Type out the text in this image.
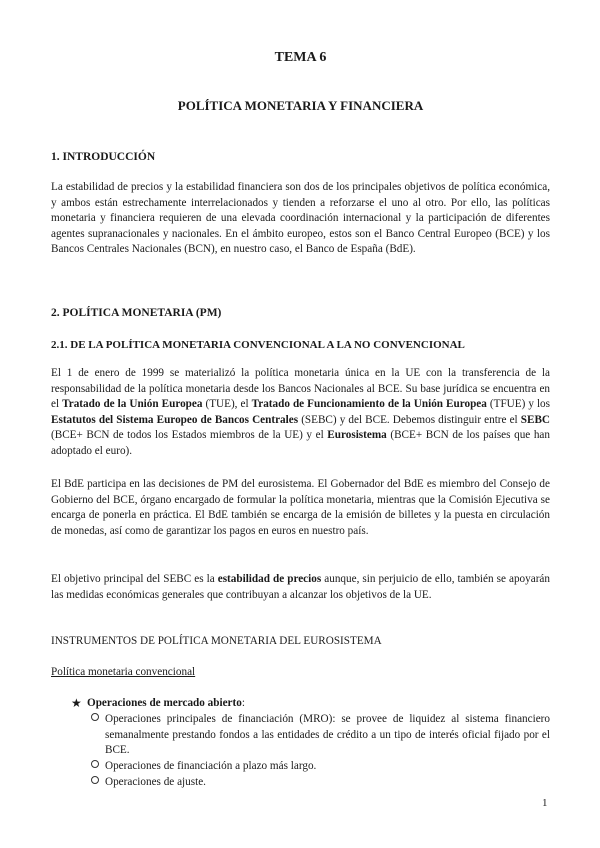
TEMA 6
POLÍTICA MONETARIA Y FINANCIERA
1. INTRODUCCIÓN

La estabilidad de precios y la estabilidad financiera son dos de los principales objetivos de política económica, y ambos están estrechamente interrelacionados y tienden a reforzarse el uno al otro. Por ello, las políticas monetaria y financiera requieren de una elevada coordinación internacional y la participación de diferentes agentes supranacionales y nacionales. En el ámbito europeo, estos son el Banco Central Europeo (BCE) y los Bancos Centrales Nacionales (BCN), en nuestro caso, el Banco de España (BdE).

2. POLÍTICA MONETARIA (PM)
2.1. DE LA POLÍTICA MONETARIA CONVENCIONAL A LA NO CONVENCIONAL

El 1 de enero de 1999 se materializó la política monetaria única en la UE con la transferencia de la responsabilidad de la política monetaria desde los Bancos Nacionales al BCE. Su base jurídica se encuentra en el Tratado de la Unión Europea (TUE), el Tratado de Funcionamiento de la Unión Europea (TFUE) y los Estatutos del Sistema Europeo de Bancos Centrales (SEBC) y del BCE. Debemos distinguir entre el SEBC (BCE+ BCN de todos los Estados miembros de la UE) y el Eurosistema (BCE+ BCN de los países que han adoptado el euro).

El BdE participa en las decisiones de PM del eurosistema. El Gobernador del BdE es miembro del Consejo de Gobierno del BCE, órgano encargado de formular la política monetaria, mientras que la Comisión Ejecutiva se encarga de ponerla en práctica. El BdE también se encarga de la emisión de billetes y la puesta en circulación de monedas, así como de garantizar los pagos en euros en nuestro país.

El objetivo principal del SEBC es la estabilidad de precios aunque, sin perjuicio de ello, también se apoyarán las medidas económicas generales que contribuyan a alcanzar los objetivos de la UE.

INSTRUMENTOS DE POLÍTICA MONETARIA DEL EUROSISTEMA
Política monetaria convencional
★ Operaciones de mercado abierto:
Operaciones principales de financiación (MRO): se provee de liquidez al sistema financiero semanalmente prestando fondos a las entidades de crédito a un tipo de interés oficial fijado por el BCE.
Operaciones de financiación a plazo más largo.
Operaciones de ajuste.
1
